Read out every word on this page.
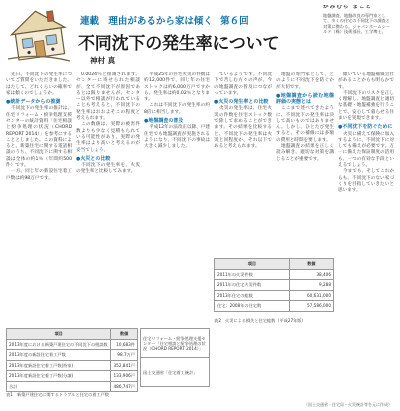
連載 理由があるから家は傾く 第６回
不同沈下の発生率について
神村 真
かみむら まこと
地盤調査、地盤改良の専門家として、多くの住宅の不同沈下の調査と対策に携わる。ジャパンホームシールド（株）技術部長。工学博士。

先日、不同沈下の発生率についてご質問をいただきました。はたして、どれくらいの確率で家は傾くのでしょうか。

●統計データからの推測

不同沈下の発生率の推計は、住宅リフォーム・紛争処理支援センターの統計資料「住宅相談と紛争処理の状況（CHORD REPORT 2014）」を参考にすることとしました。この資料によると、新築住宅に関する電話相談のうち、不同沈下に関する相談は全体の約1％（年間約500件）です。

一方、同じ年の新設住宅着工戸数は約98万戸です。

0.0024％と推測されます。センターに寄せられた相談が、全て不同沈下が原因であるとは限りませんが、センター以外で相談が行われていることも考えると、不同沈下の発生率はおおよそこの程度と考えられます。

この数値は、実際の被害件数よりも少なく見積もられている可能性があり、実際の発生率はより高いと考えるのが妥当でしょう。

●火災との比較

不同沈下の発生率を、火災の発生率と比較してみます。

平成25年の住宅火災の件数は約12,000件で、同じ年の住宅ストックは約6,000万戸ですから、発生率は約0.02％となります。

これは不同沈下の発生率の約8倍に相当します。

●地盤調査の普及

平成12年の法改正以降、戸建住宅でも地盤調査が実施されるようになり、不同沈下の事故は大きく減少しました。

ているようです。不同沈下で苦しむ方々の声が、今の地盤調査の普及につながっています。

●火災の発生率との比較

火災の発生率は、住宅火災の件数を住宅ストック数で除して求めることができます。その結果を比較すると、不同沈下の発生率は火災と同程度か、それ以下であると考えられます。

地盤の専門家として、どのように不同沈下を防ぐかが大切です。

●地盤調査から読む地盤評価の実態とは

ここまで述べてきたように、不同沈下の発生率は決して高いものではありません。しかし、ひとたび発生すると、その補修には多額の費用と時間を要します。

地盤調査の結果を正しく読み解き、適切な対策を講じることが重要です。

傾いている地盤補償会社があることからも明らかです。

不同沈下のリスクを正しく理解し、地盤調査と適切な基礎・地盤補強を行うことで、安心して暮らせる住まいを実現できます。

●不同沈下を防ぐために

火災に備えて保険に加入するように、不同沈下に対しても備えが必要です。万一に備えた保証制度の活用も、一つの有効な手段といえるでしょう。

今までも、そしてこれからも、不同沈下のない家づくりを目指していきたいと思います。

項目	数値
2013年度における新築戸建住宅の不同沈下の相談数	10,683件
2013年度の新設住宅着工戸数	98.7万戸
2013年度新設住宅着工戸数(持家)	352,841戸
2013年度新設住宅着工戸数(分譲)	133,906戸
合計	486,747戸
住宅リフォーム・紛争処理支援センター「住宅相談と紛争処理の状況（CHORD REPORT 2014）」
国土交通省「住宅着工統計」
表1　新築戸建住宅に関するトラブルと住宅の着工戸数
項目	数値
2011年の火災件数	38,406
2011年の住宅火災件数	9,288
2013年住宅の総数	60,631,000
住宅：2008年の住宅数	57,586,000
表2　火災による損失と住宅総数（平成27年版）
（国土交通省・住宅局・火災統計等を元に作成）
